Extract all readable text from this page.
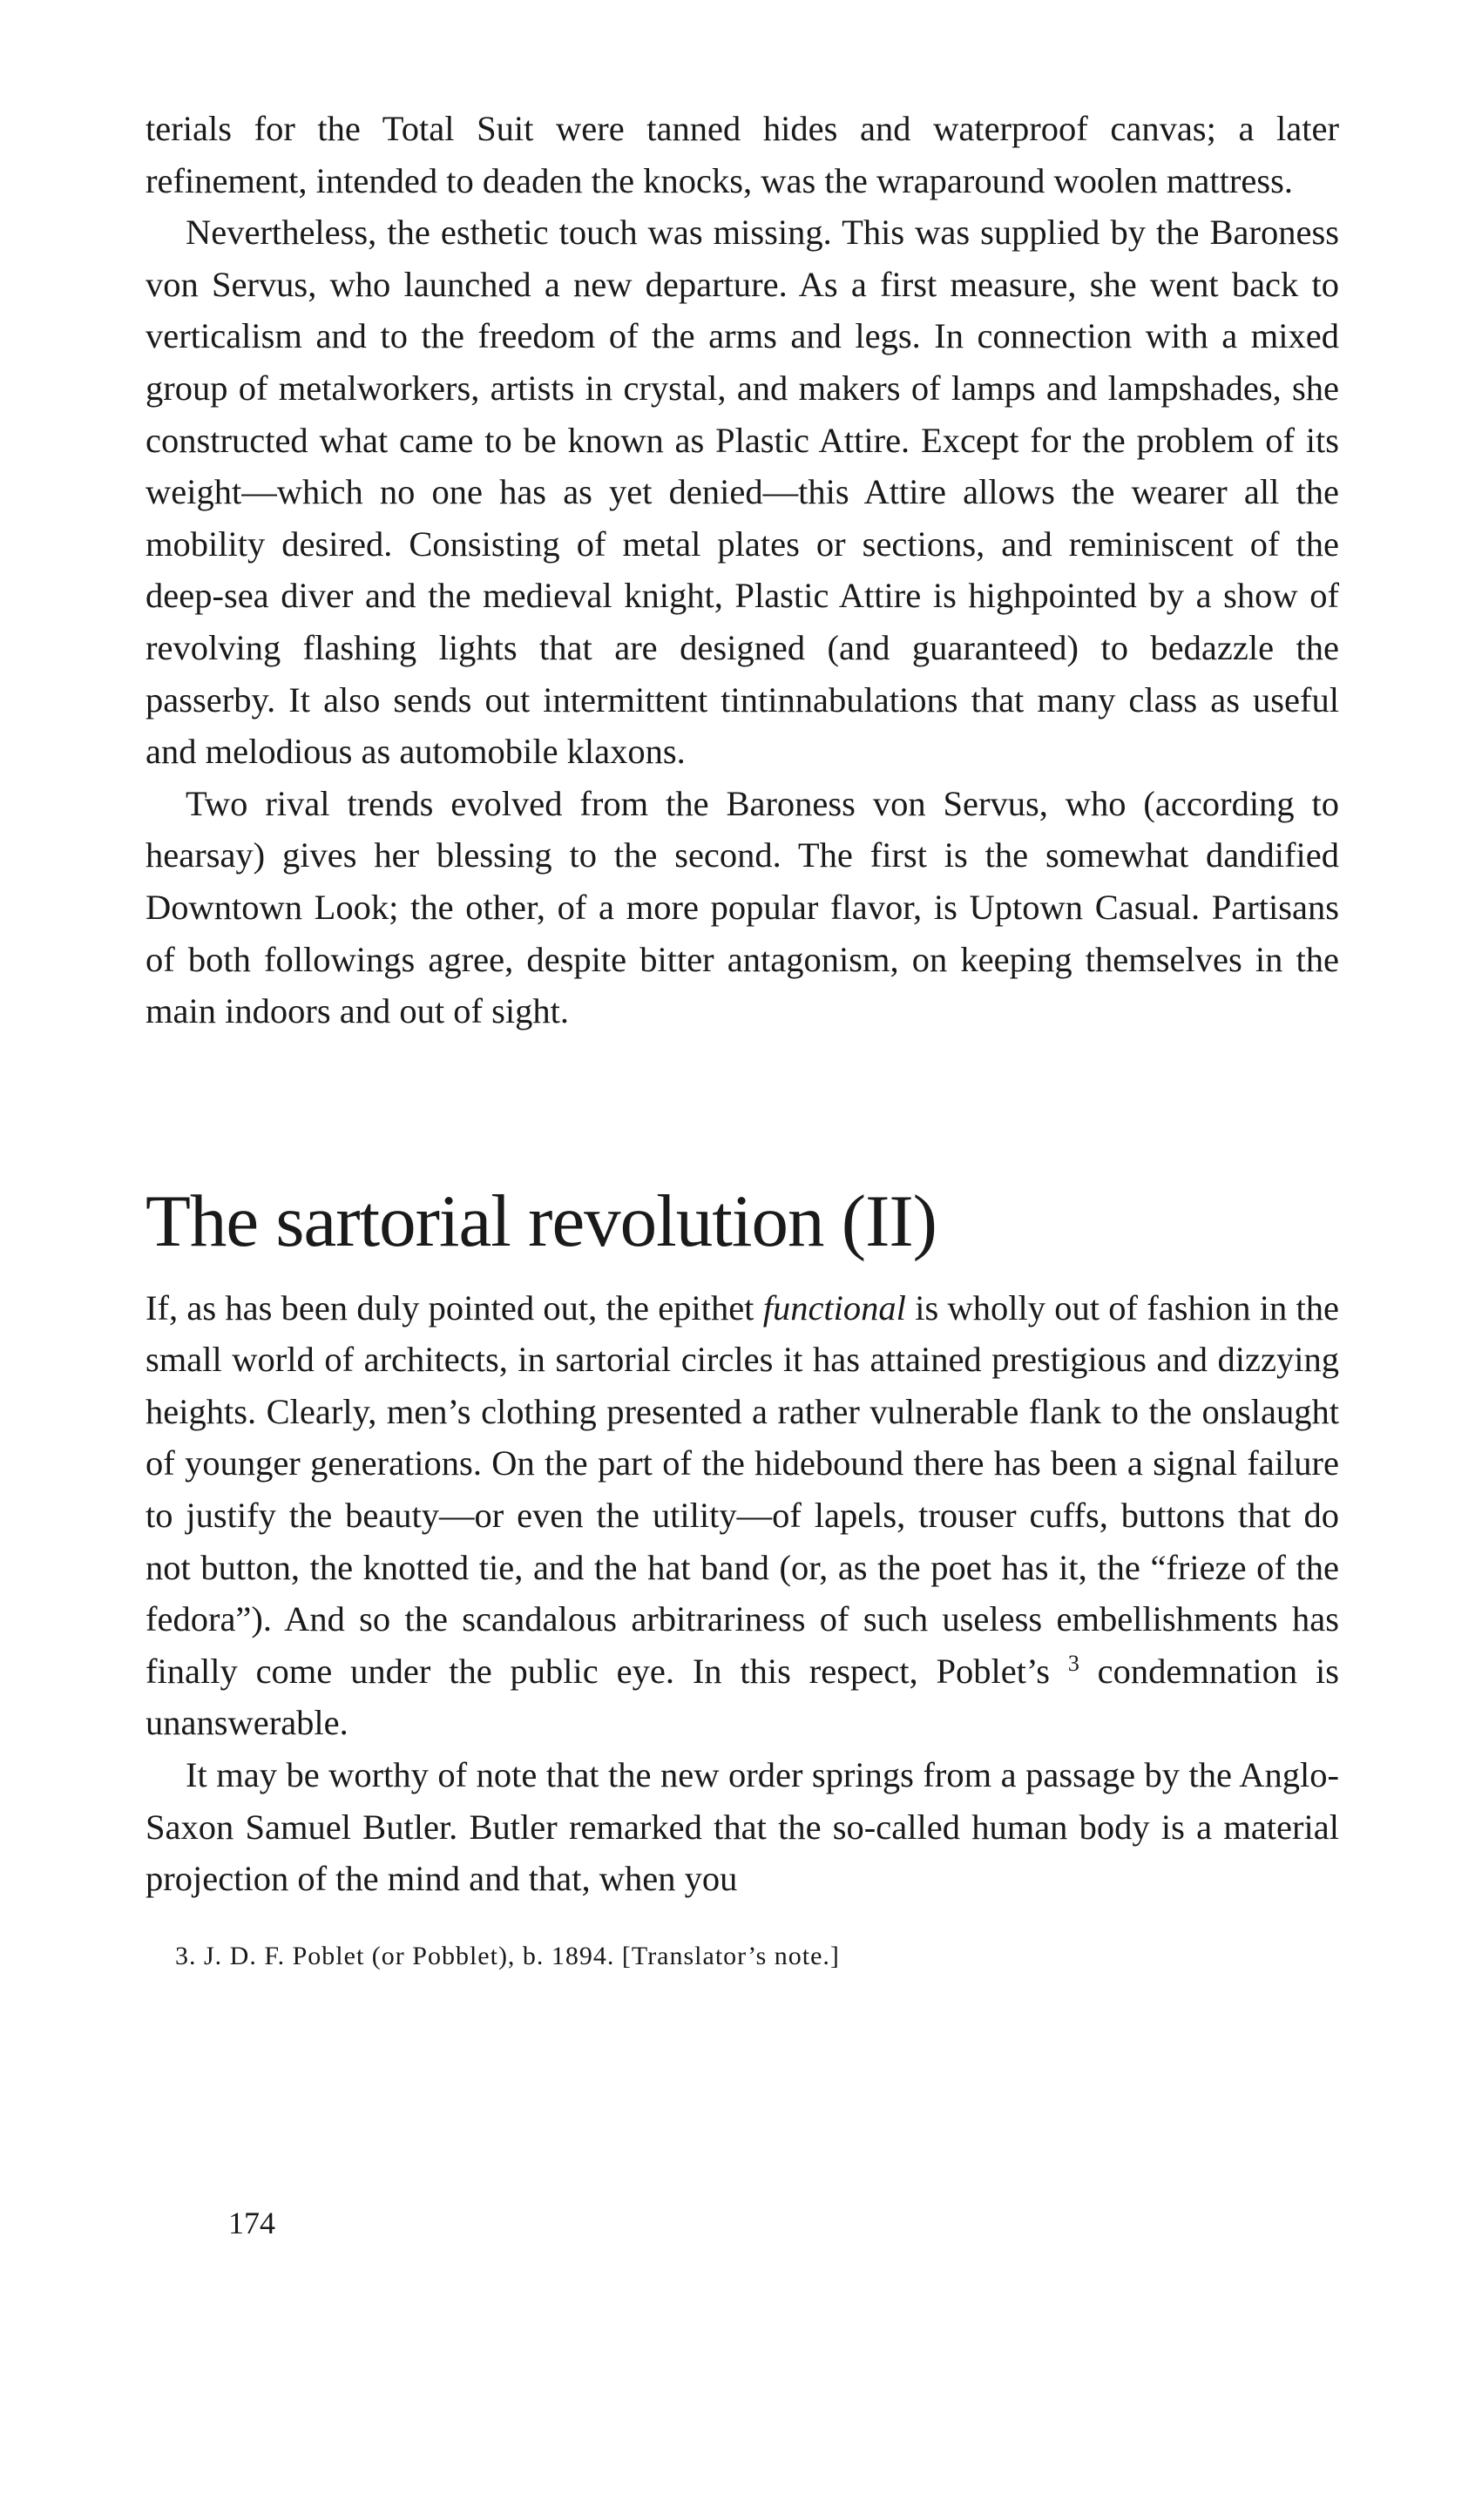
terials for the Total Suit were tanned hides and waterproof canvas; a later refinement, intended to deaden the knocks, was the wraparound woolen mattress.

Nevertheless, the esthetic touch was missing. This was supplied by the Baroness von Servus, who launched a new departure. As a first measure, she went back to verticalism and to the freedom of the arms and legs. In connection with a mixed group of metalworkers, artists in crystal, and makers of lamps and lampshades, she constructed what came to be known as Plastic Attire. Except for the problem of its weight—which no one has as yet denied—this Attire allows the wearer all the mobility desired. Consisting of metal plates or sections, and reminiscent of the deep-sea diver and the medieval knight, Plastic Attire is highpointed by a show of revolving flashing lights that are designed (and guaranteed) to bedazzle the passerby. It also sends out intermittent tintinnabulations that many class as useful and melodious as automobile klaxons.

Two rival trends evolved from the Baroness von Servus, who (according to hearsay) gives her blessing to the second. The first is the somewhat dandified Downtown Look; the other, of a more popular flavor, is Uptown Casual. Partisans of both followings agree, despite bitter antagonism, on keeping themselves in the main indoors and out of sight.

The sartorial revolution (II)

If, as has been duly pointed out, the epithet functional is wholly out of fashion in the small world of architects, in sartorial circles it has attained prestigious and dizzying heights. Clearly, men’s clothing presented a rather vulnerable flank to the onslaught of younger generations. On the part of the hidebound there has been a signal failure to justify the beauty—or even the utility—of lapels, trouser cuffs, buttons that do not button, the knotted tie, and the hat band (or, as the poet has it, the “frieze of the fedora”). And so the scandalous arbitrariness of such useless embellishments has finally come under the public eye. In this respect, Poblet’s $^3$ condemnation is unanswerable.

It may be worthy of note that the new order springs from a passage by the Anglo-Saxon Samuel Butler. Butler remarked that the so-called human body is a material projection of the mind and that, when you

3. J. D. F. Poblet (or Pobblet), b. 1894. [Translator’s note.]

174
